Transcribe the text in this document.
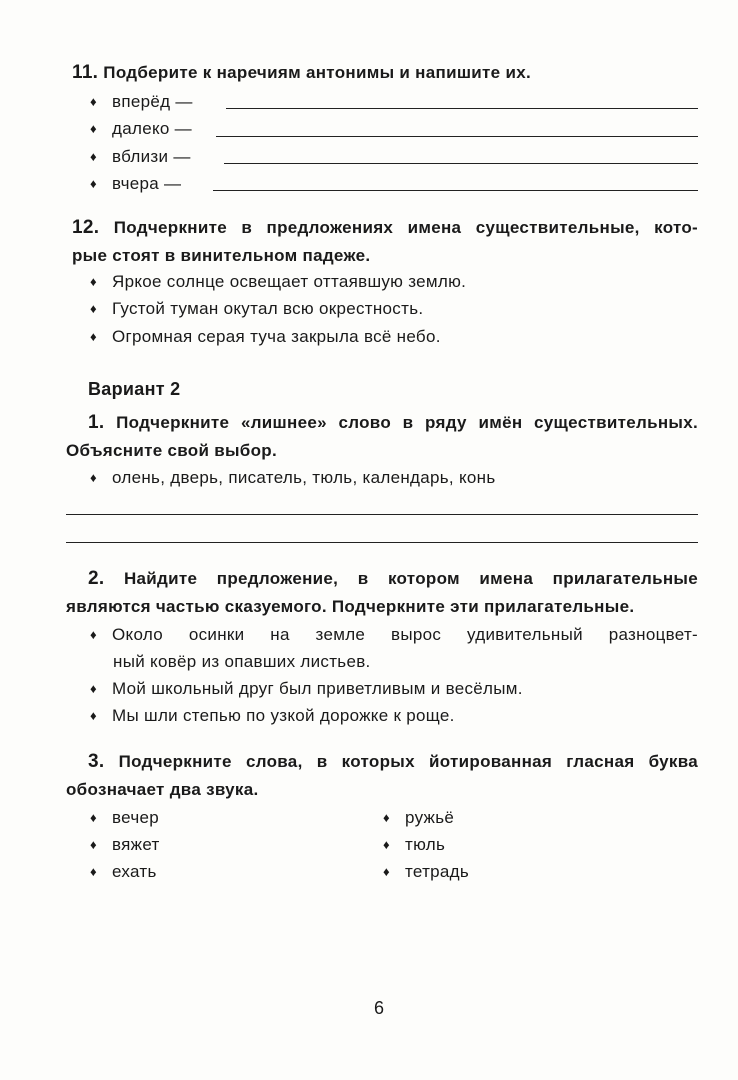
11. Подберите к наречиям антонимы и напишите их.
♦ вперёд —
♦ далеко —
♦ вблизи —
♦ вчера —
12. Подчеркните в предложениях имена существительные, кото-
рые стоят в винительном падеже.
♦ Яркое солнце освещает оттаявшую землю.
♦ Густой туман окутал всю окрестность.
♦ Огромная серая туча закрыла всё небо.
Вариант 2
1. Подчеркните «лишнее» слово в ряду имён существительных.
Объясните свой выбор.
♦ олень, дверь, писатель, тюль, календарь, конь
2. Найдите предложение, в котором имена прилагательные
являются частью сказуемого. Подчеркните эти прилагательные.
♦ Около осинки на земле вырос удивительный разноцвет-
ный ковёр из опавших листьев.
♦ Мой школьный друг был приветливым и весёлым.
♦ Мы шли степью по узкой дорожке к роще.
3. Подчеркните слова, в которых йотированная гласная буква
обозначает два звука.
♦ вечер
♦ вяжет
♦ ехать
♦ ружьё
♦ тюль
♦ тетрадь
6
